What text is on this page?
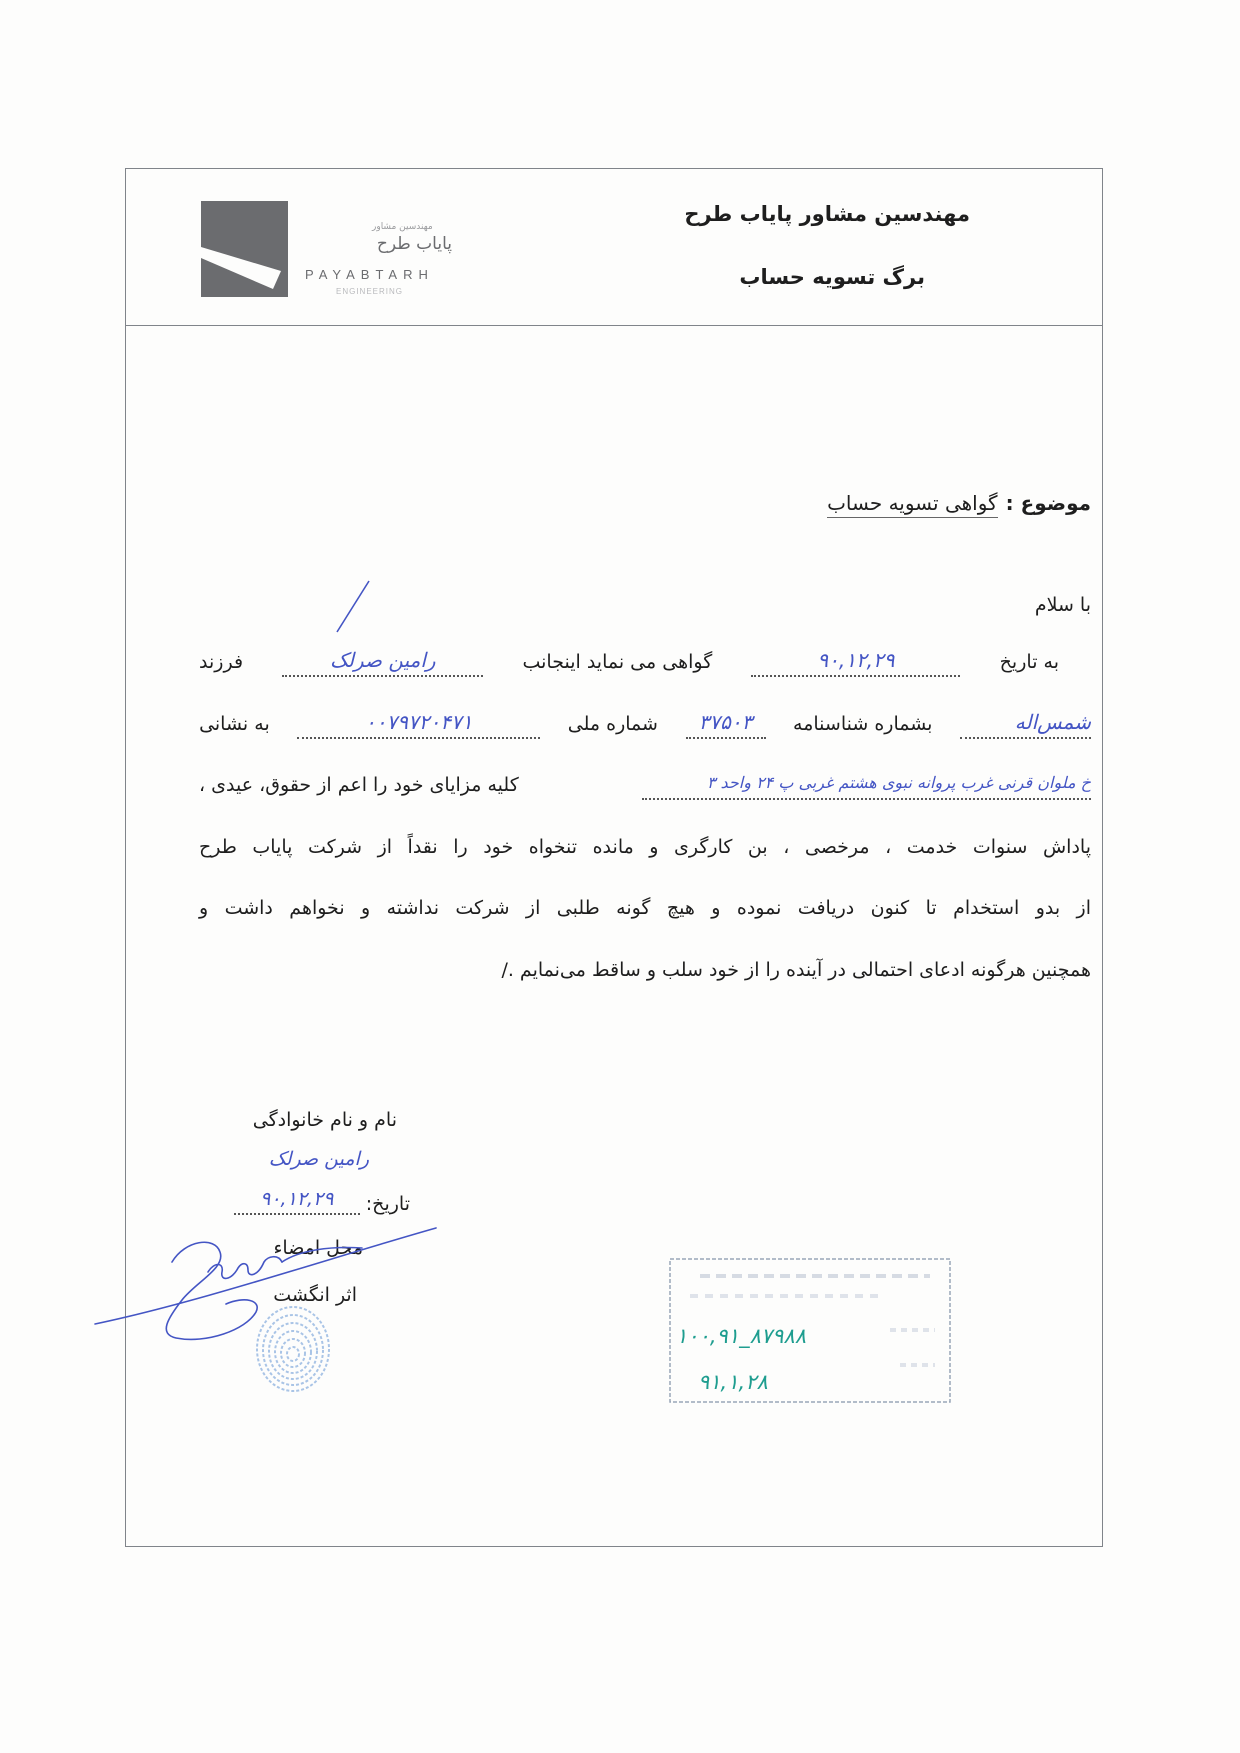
مهندسین مشاور
پایاب طرح
PAYABTARH
ENGINEERING
مهندسین مشاور پایاب طرح
برگ تسویه حساب
موضوع :گواهی تسویه حساب
با سلام
به تاریخ
۹۰,۱۲,۲۹
گواهی می نماید اینجانب
رامین صرلک
فرزند
شمس‌اله
بشماره شناسنامه
۳۷۵۰۳
شماره ملی
۰۰۷۹۷۲۰۴۷۱
به نشانی
خ ملوان قرنی غرب پروانه نبوی هشتم غربی پ ۲۴ واحد ۳
کلیه مزایای خود را اعم از حقوق، عیدی ،
پاداش سنوات خدمت ، مرخصی ، بن کارگری و مانده تنخواه خود را نقداً از شرکت پایاب طرح
از بدو استخدام تا کنون دریافت نموده و هیچ گونه طلبی از شرکت نداشته و نخواهم داشت و
همچنین هرگونه ادعای احتمالی در آینده را از خود سلب و ساقط می‌نمایم ./
نام و نام خانوادگی
رامین صرلک
تاریخ:
۹۰,۱۲,۲۹
محل امضاء
اثر انگشت
۱۰۰,۹۱_۸۷۹۸۸
۹۱,۱,۲۸
